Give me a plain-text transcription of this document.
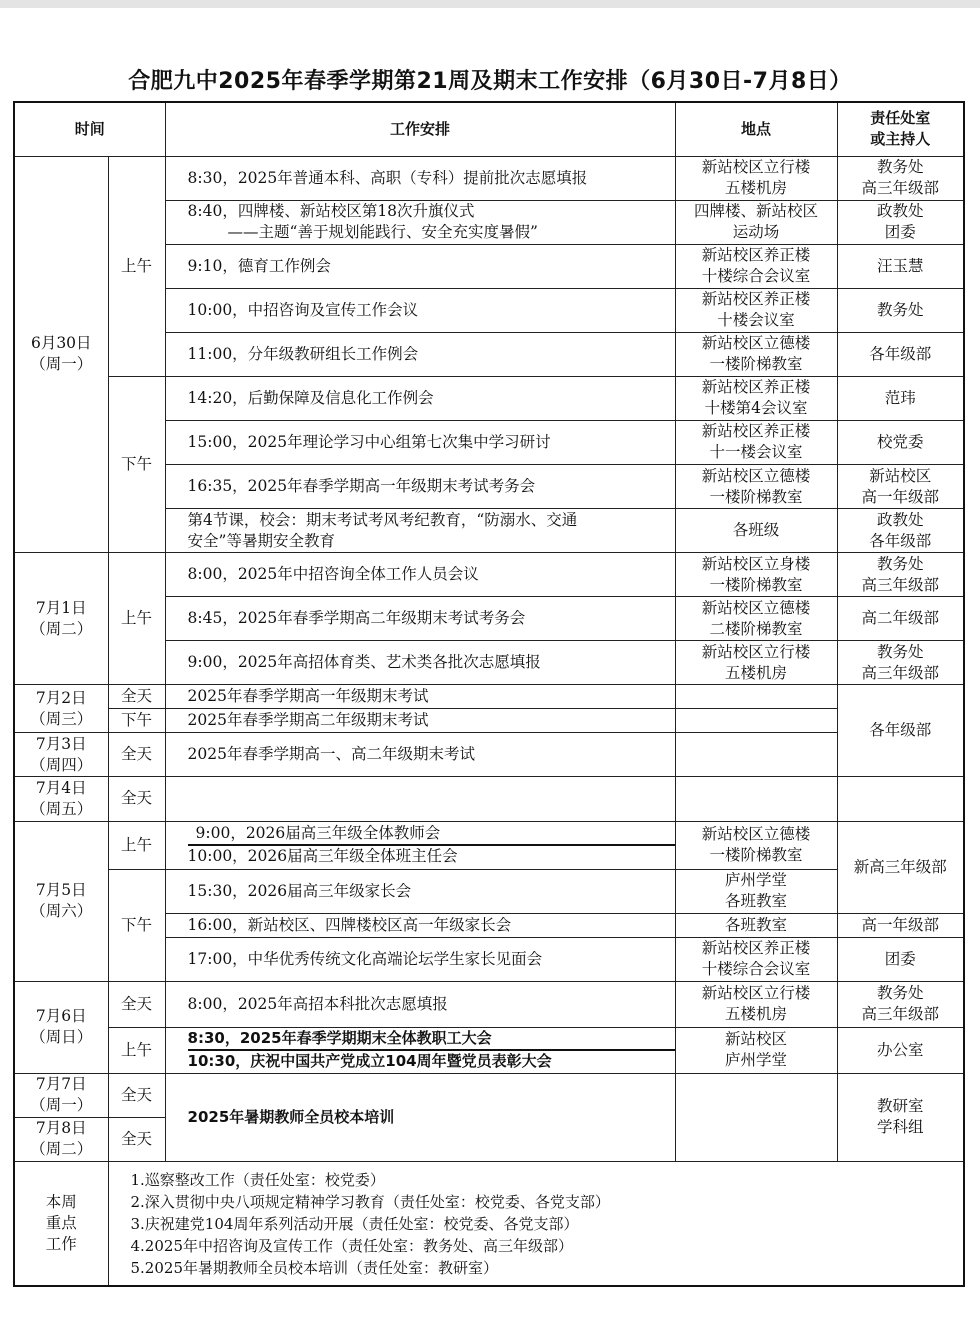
合肥九中2025年春季学期第21周及期末工作安排（6月30日-7月8日）
时间		工作安排	地点	责任处室
或主持人

6月30日
（周一）	上午	8:30，2025年普通本科、高职（专科）提前批次志愿填报	新站校区立行楼
五楼机房	教务处
高三年级部

		8:40，四牌楼、新站校区第18次升旗仪式
——主题“善于规划能践行、安全充实度暑假”	四牌楼、新站校区
运动场	政教处
团委

		9:10，德育工作例会	新站校区养正楼
十楼综合会议室	汪玉慧
		10:00，中招咨询及宣传工作会议	新站校区养正楼
十楼会议室	教务处
		11:00，分年级教研组长工作例会	新站校区立德楼
一楼阶梯教室	各年级部
	下午	14:20，后勤保障及信息化工作例会	新站校区养正楼
十楼第4会议室	范玮
		15:00，2025年理论学习中心组第七次集中学习研讨	新站校区养正楼
十一楼会议室	校党委
		16:35，2025年春季学期高一年级期末考试考务会	新站校区立德楼
一楼阶梯教室	新站校区
高一年级部

		第4节课，校会：期末考试考风考纪教育，“防溺水、交通
安全”等暑期安全教育	各班级	政教处
各年级部

7月1日
（周二）	上午	8:00，2025年中招咨询全体工作人员会议	新站校区立身楼
一楼阶梯教室	教务处
高三年级部

		8:45，2025年春季学期高二年级期末考试考务会	新站校区立德楼
二楼阶梯教室	高二年级部
		9:00，2025年高招体育类、艺术类各批次志愿填报	新站校区立行楼
五楼机房	教务处
高三年级部

7月2日
（周三）	全天	2025年春季学期高一年级期末考试		各年级部
	下午	2025年春季学期高二年级期末考试		

7月3日
（周四）	全天	2025年春季学期高一、高二年级期末考试		

7月4日
（周五）	全天			

7月5日
（周六）	上午	9:00，2026届高三年级全体教师会
10:00，2026届高三年级全体班主任会	新站校区立德楼
一楼阶梯教室	新高三年级部
	下午	15:30，2026届高三年级家长会	庐州学堂
各班教室	

		16:00，新站校区、四牌楼校区高一年级家长会	各班教室	高一年级部
		17:00，中华优秀传统文化高端论坛学生家长见面会	新站校区养正楼
十楼综合会议室	团委

7月6日
（周日）	全天	8:00，2025年高招本科批次志愿填报	新站校区立行楼
五楼机房	教务处
高三年级部

	上午	8:30，2025年春季学期期末全体教职工大会
10:30，庆祝中国共产党成立104周年暨党员表彰大会	新站校区
庐州学堂	办公室

7月7日
（周一）	全天	2025年暑期教师全员校本培训		教研室
学科组

7月8日
（周二）	全天			

本周
重点
工作	1.巡察整改工作（责任处室：校党委）
2.深入贯彻中央八项规定精神学习教育（责任处室：校党委、各党支部）
3.庆祝建党104周年系列活动开展（责任处室：校党委、各党支部）
4.2025年中招咨询及宣传工作（责任处室：教务处、高三年级部）
5.2025年暑期教师全员校本培训（责任处室：教研室）			
